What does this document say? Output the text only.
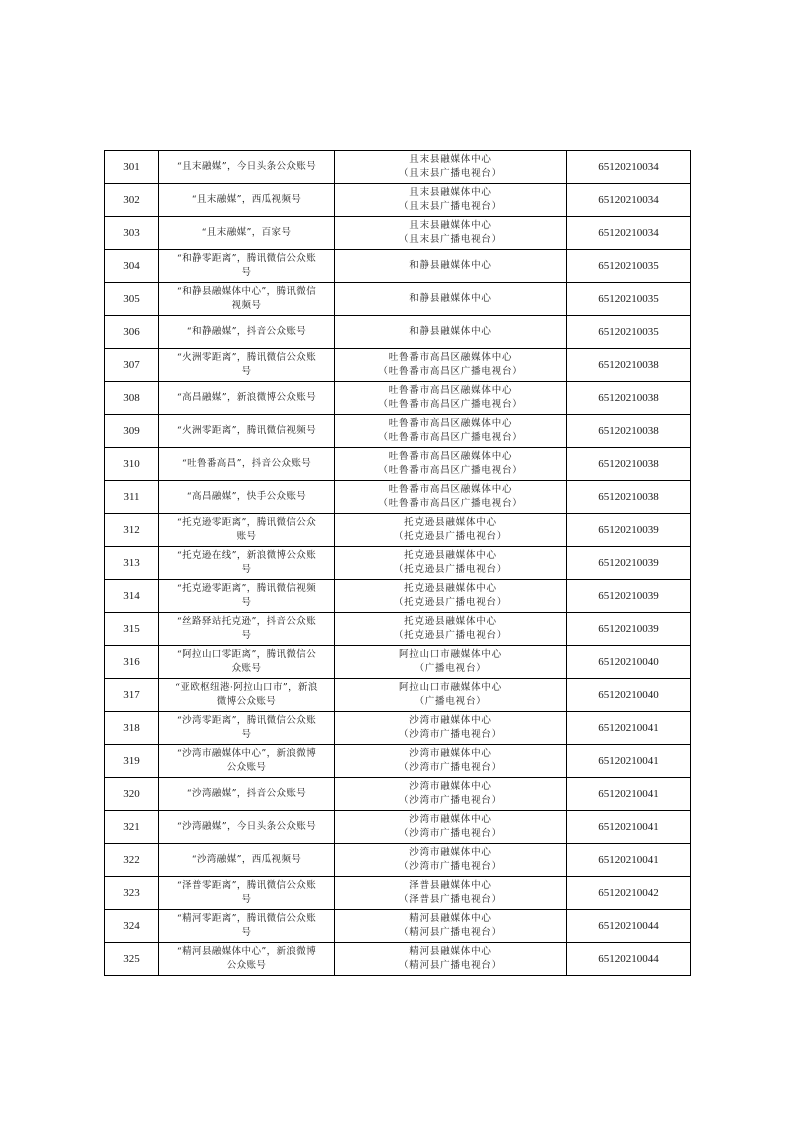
301	“且末融媒”，今日头条公众账号	且末县融媒体中心
（且末县广播电视台）	65120210034
302	“且末融媒”，西瓜视频号	且末县融媒体中心
（且末县广播电视台）	65120210034
303	“且末融媒”，百家号	且末县融媒体中心
（且末县广播电视台）	65120210034
304	“和静零距离”，腾讯微信公众账
号	和静县融媒体中心	65120210035
305	“和静县融媒体中心”，腾讯微信
视频号	和静县融媒体中心	65120210035
306	“和静融媒”，抖音公众账号	和静县融媒体中心	65120210035
307	“火洲零距离”，腾讯微信公众账
号	吐鲁番市高昌区融媒体中心
（吐鲁番市高昌区广播电视台）	65120210038
308	“高昌融媒”，新浪微博公众账号	吐鲁番市高昌区融媒体中心
（吐鲁番市高昌区广播电视台）	65120210038
309	“火洲零距离”，腾讯微信视频号	吐鲁番市高昌区融媒体中心
（吐鲁番市高昌区广播电视台）	65120210038
310	“吐鲁番高昌”，抖音公众账号	吐鲁番市高昌区融媒体中心
（吐鲁番市高昌区广播电视台）	65120210038
311	“高昌融媒”，快手公众账号	吐鲁番市高昌区融媒体中心
（吐鲁番市高昌区广播电视台）	65120210038
312	“托克逊零距离”，腾讯微信公众
账号	托克逊县融媒体中心
（托克逊县广播电视台）	65120210039
313	“托克逊在线”，新浪微博公众账
号	托克逊县融媒体中心
（托克逊县广播电视台）	65120210039
314	“托克逊零距离”，腾讯微信视频
号	托克逊县融媒体中心
（托克逊县广播电视台）	65120210039
315	“丝路驿站托克逊”，抖音公众账
号	托克逊县融媒体中心
（托克逊县广播电视台）	65120210039
316	“阿拉山口零距离”，腾讯微信公
众账号	阿拉山口市融媒体中心
（广播电视台）	65120210040
317	“亚欧枢纽港·阿拉山口市”，新浪
微博公众账号	阿拉山口市融媒体中心
（广播电视台）	65120210040
318	“沙湾零距离”，腾讯微信公众账
号	沙湾市融媒体中心
（沙湾市广播电视台）	65120210041
319	“沙湾市融媒体中心”，新浪微博
公众账号	沙湾市融媒体中心
（沙湾市广播电视台）	65120210041
320	“沙湾融媒”，抖音公众账号	沙湾市融媒体中心
（沙湾市广播电视台）	65120210041
321	“沙湾融媒”，今日头条公众账号	沙湾市融媒体中心
（沙湾市广播电视台）	65120210041
322	“沙湾融媒”，西瓜视频号	沙湾市融媒体中心
（沙湾市广播电视台）	65120210041
323	“泽普零距离”，腾讯微信公众账
号	泽普县融媒体中心
（泽普县广播电视台）	65120210042
324	“精河零距离”，腾讯微信公众账
号	精河县融媒体中心
（精河县广播电视台）	65120210044
325	“精河县融媒体中心”，新浪微博
公众账号	精河县融媒体中心
（精河县广播电视台）	65120210044
